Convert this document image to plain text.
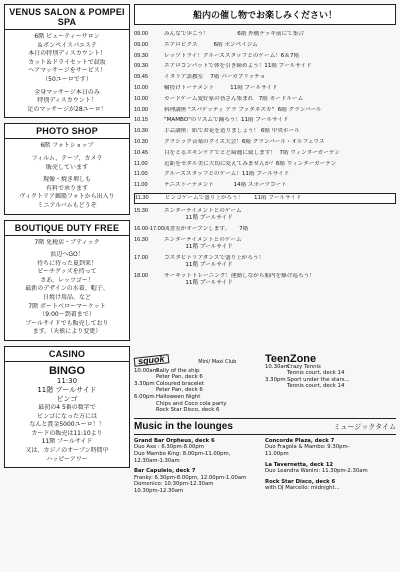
VENUS SALON & POMPEI SPA
6階 ビューティーサロン
＆ポンペイスパエステ
本日の特別ディスカウント！
カット＆ドライセットで試坂
ヘアマッサージをサービス！
（50ユーロです）
全身マッサージ本日のみ
特別ディスカウント！
足のマッサージが28ユーロ！
PHOTO SHOP
6階 フォトショップ
フィルム、テープ、カメラ
販売しています
現像・焼き増しも
有料で承ります
ヴィクトリア郵船フォトから出入り
ミニアルバムもどうぞ
BOUTIQUE DUTY FREE
7階 免税店・ブティック
浜辺へGO！
待ちに待った夏到来！
ビーチグッズを持って
さあ、レッツゴー！
最新のデザインの水着、帽子、
日焼け用品、など
7階 ポートベローマーケット
（9:00～到着まで）
プールサイドでも販売しており
ます。（天候により変更）
CASINO
BINGO
11:30
11階 プールサイド
ビンゴ
最初の4 5番の数字で
ビンゴになった方には
なんと賞金5000ユーロ！！
カードの販売は11:10より
11階 プールサイド
又は、カジノのオープン時間中
ハッピーアワー
船内の催し物でお楽しみください！
09.00	みんなで歩こう！                6階 外側デッキ前にて集合
09.00	エアロビクス         6階 ポンペイジム
09.30	レッツトライ！クルーズスタッフとのゲーム！6＆7階
09.30	エアロコンパットで体を引き締めよう！11階 プールサイド
09.45	イタリア語教室    7階 パーカプリッチョ
10.00	輪投げトーナメント         11階 プールサイド
10.00	カードゲーム愛好家の皆さん集まれ   7階 カードルーム
10.00	料理講座 "スパゲッティ アラ ブッタネスカ"  6階 グランバール
10.15	"MAMBO"のリズムで踊ろう！11階 プールサイド
10.30	手芸講座：紙でお花を造りましょう！ 6階 中央ホール
10.30	クラシック音楽のクイズ大会！6階 グランバール・オルフェウス
10.45	目をとるスキンケアでとど綺麗に致します！  7階 ウィンターガーデン
11.00	近距をセダル美に大切に変えてみませんか？6階 ウィンターガーデン
11.00	クルーズスタッフとのゲーム！11階 プールサイド
11.00	テニストーナメント           14階 スポーツコート
11.30	ビンゴゲームで盛り上がろう！      11階 プールサイド
15.30	エンターテイメントとのゲーム
11階 プールサイド
16.00-17.00 図書室がオープンします。     7階
16.30	エンターテイメントとのゲーム
11階 プールサイド
17.00	コスタビトリアダンスで盛り上がろう！
11階 プールサイド
18.00	サーキットトレーニング！運動しながら船内を駆け巡ろう！
11階 プールサイド
squok	Mini/ Maxi Club
10.00am
Rally of the ship
Peter Pan, deck 6
3.30pm Coloured bracelet
Peter Pan, deck 6
6.00pm Halloween Night
Chips and Coco cola party
Rock Star Disco, deck 6
TeenZone
10.30am
Crazy Tennis
Tennis court, deck 14
3.30pm Sport under the stars...
Tennis court, deck 14
Music in the lounges	ミュージックタイム
Grand Bar Orpheus, deck 6
Duo Axe : 6.30pm-8.00pm
Duo Mambo King: 8.00pm-11.00pm,
12.30am-1.30am
Bar Capuleio, deck 7
Franky: 6.30pm-8.00pm, 12.00pm-1.00am
Domenico: 10.30pm-12.30am
10.30pm-12.30am
Concorde Plaza, deck 7
Duo Fragola & Mambo: 9.30pm-
11.00pm
La Tavernetta, deck 12
Duo Leandra Wanini: 11.30pm-2.30am
Rock Star Disco, deck 6
with DJ Marcello: midnight...
